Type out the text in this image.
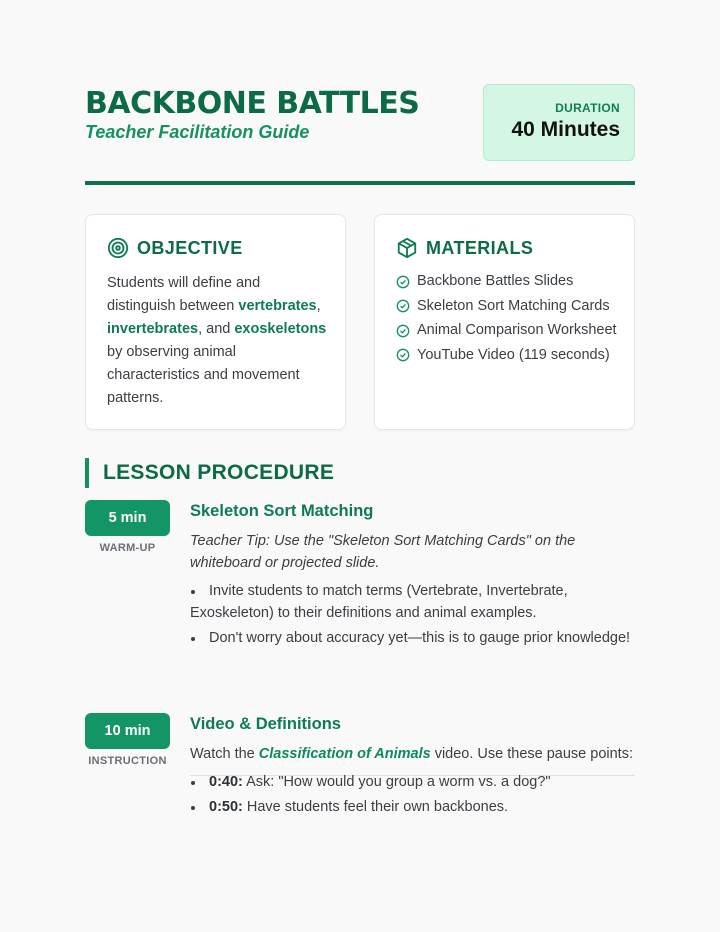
BACKBONE BATTLES
Teacher Facilitation Guide
DURATION
40 Minutes
OBJECTIVE
Students will define and distinguish between vertebrates, invertebrates, and exoskeletons by observing animal characteristics and movement patterns.
MATERIALS
Backbone Battles Slides
Skeleton Sort Matching Cards
Animal Comparison Worksheet
YouTube Video (119 seconds)
LESSON PROCEDURE
5 min
WARM-UP
Skeleton Sort Matching
Teacher Tip: Use the "Skeleton Sort Matching Cards" on the whiteboard or projected slide.
Invite students to match terms (Vertebrate, Invertebrate, Exoskeleton) to their definitions and animal examples.
Don't worry about accuracy yet—this is to gauge prior knowledge!
10 min
INSTRUCTION
Video & Definitions
Watch the Classification of Animals video. Use these pause points:
0:40: Ask: "How would you group a worm vs. a dog?"
0:50: Have students feel their own backbones.
